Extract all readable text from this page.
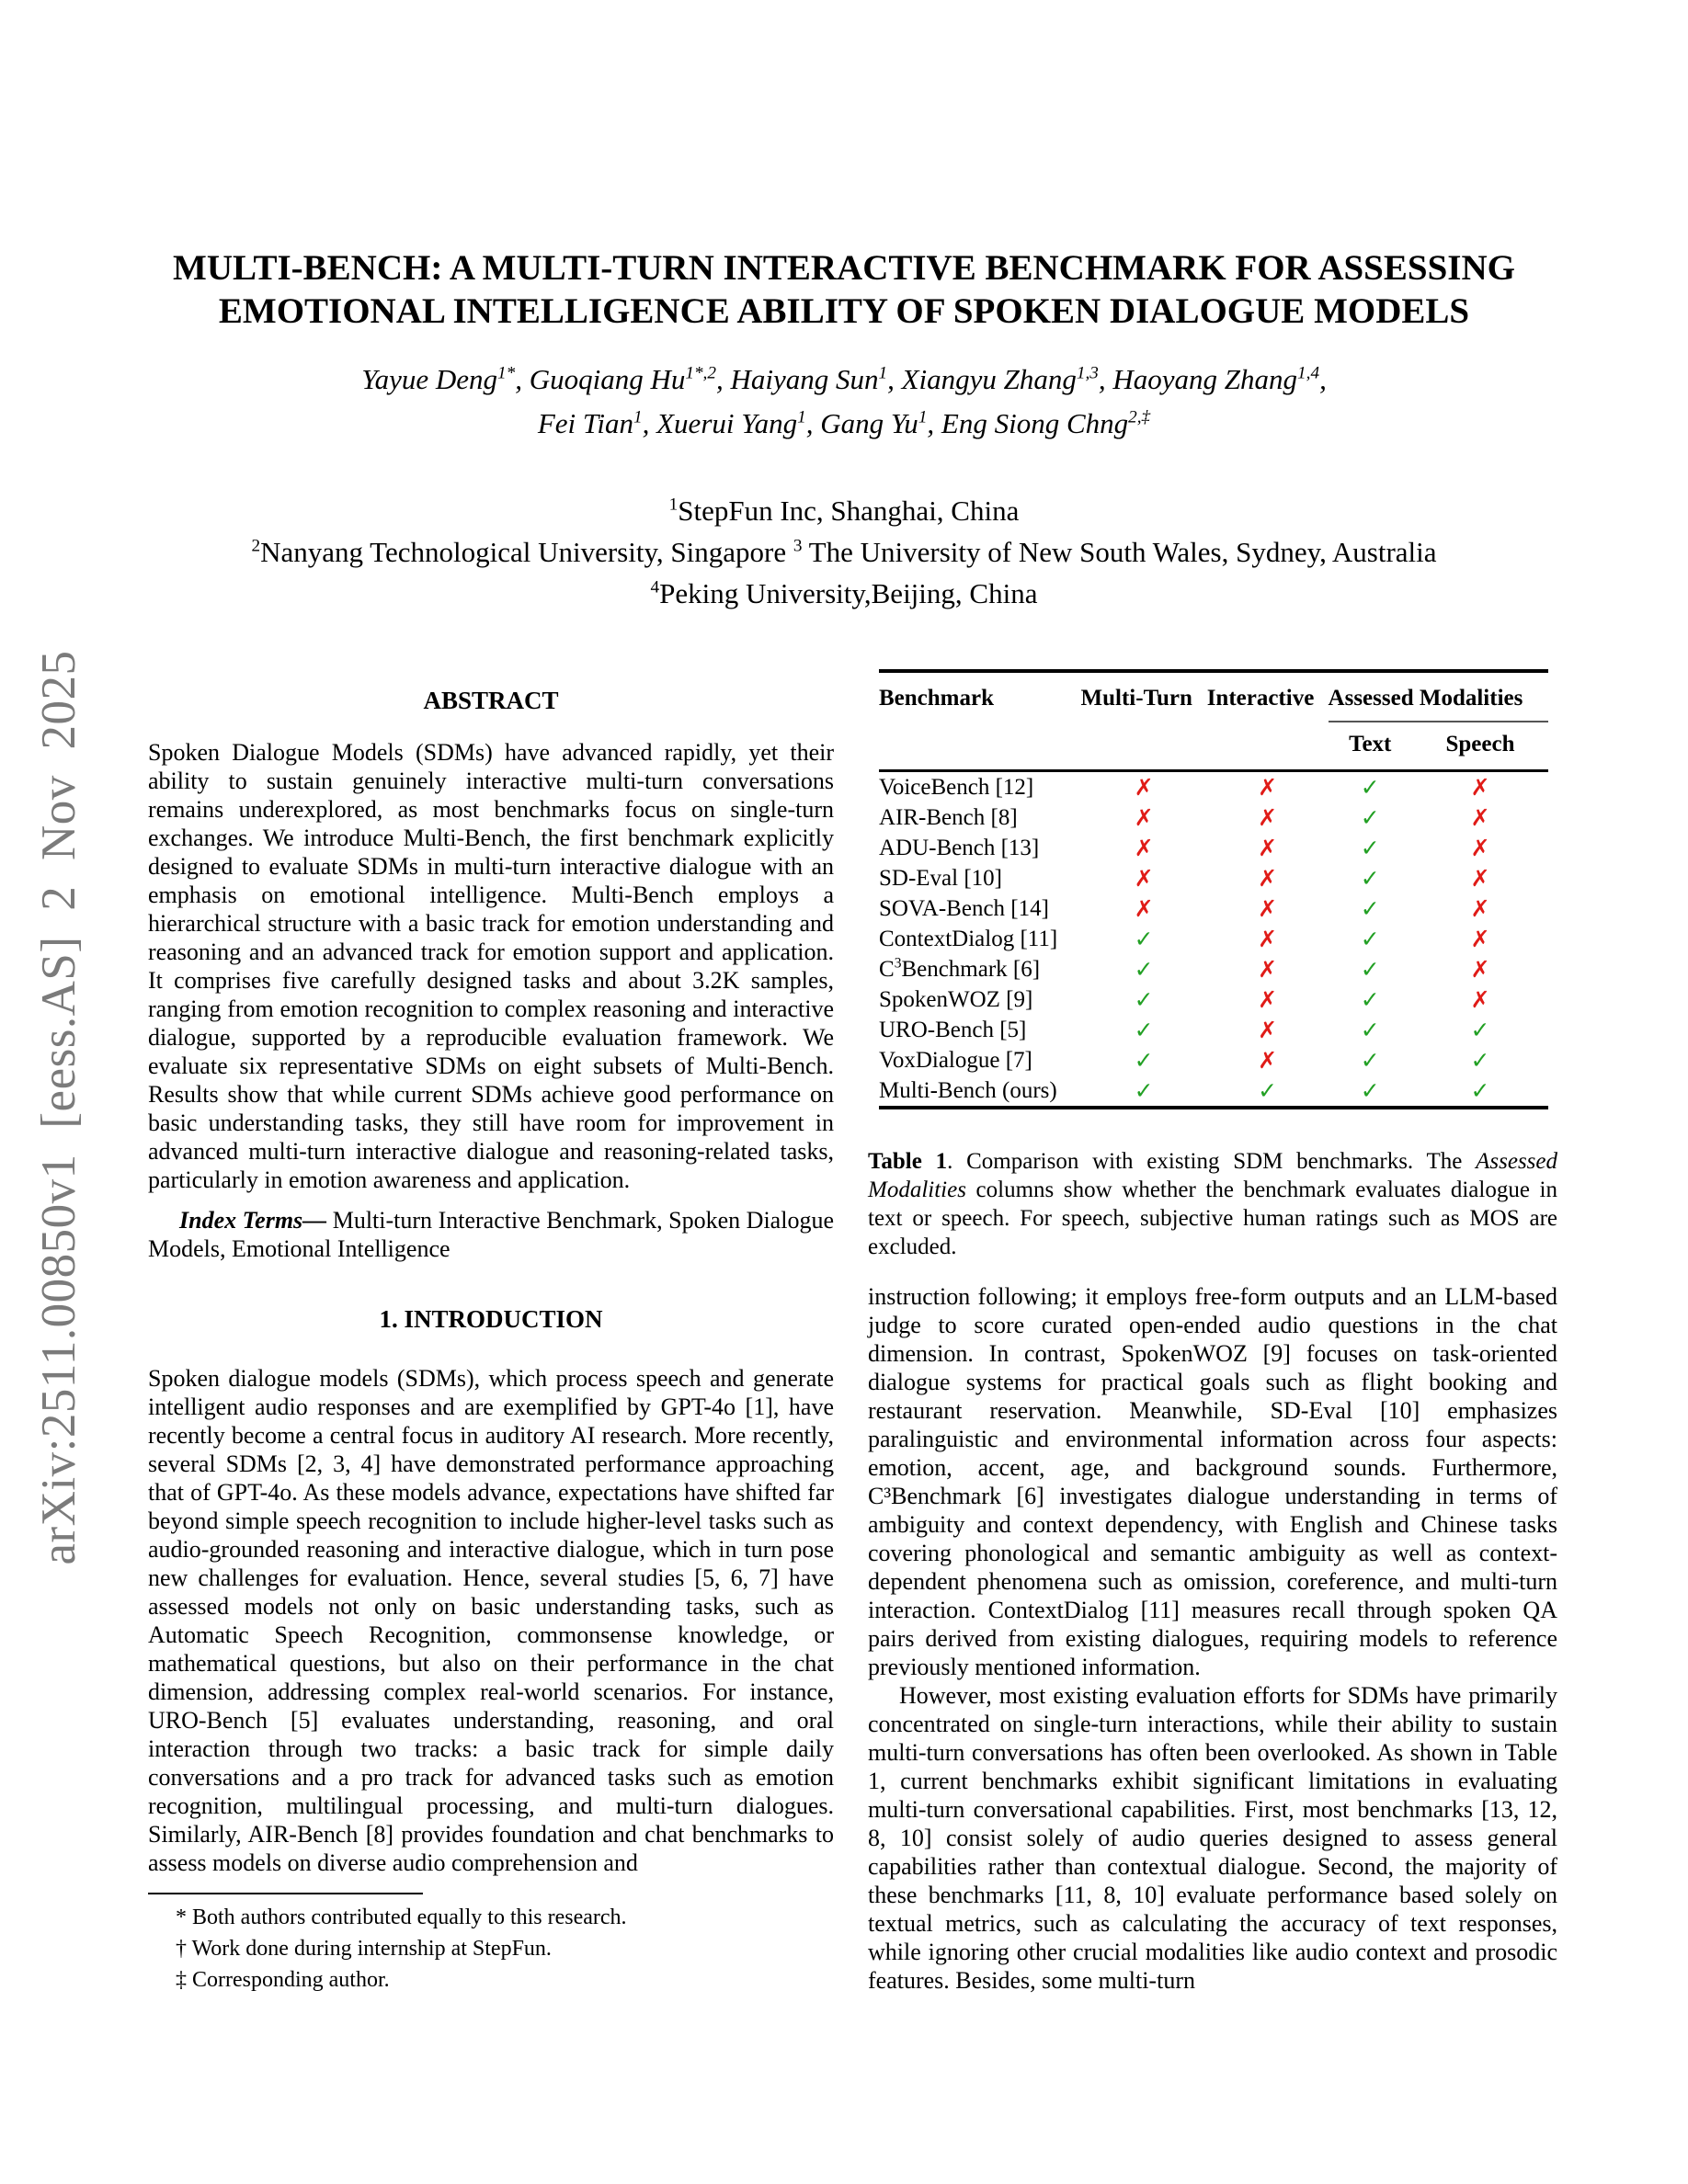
arXiv:2511.00850v1 [eess.AS] 2 Nov 2025
MULTI-BENCH: A MULTI-TURN INTERACTIVE BENCHMARK FOR ASSESSING
EMOTIONAL INTELLIGENCE ABILITY OF SPOKEN DIALOGUE MODELS
Yayue Deng$^{1*}$, Guoqiang $Hu^{1*,2}$, Haiyang Sun$^1$, Xiangyu Zhang$^{1,3}$, Haoyang Zhang$^{1,4}$,
Fei Tian$^1$, Xuerui Yang$^1$, Gang Yu$^1$, Eng Siong Chng$^{2,\ddagger}$
$^1$StepFun Inc, Shanghai, China
$^2$Nanyang Technological University, Singapore $^3$ The University of New South Wales, Sydney, Australia
$^4$Peking University,Beijing, China
ABSTRACT

Spoken Dialogue Models (SDMs) have advanced rapidly, yet their ability to sustain genuinely interactive multi-turn conversations remains underexplored, as most benchmarks focus on single-turn exchanges. We introduce Multi-Bench, the first benchmark explicitly designed to evaluate SDMs in multi-turn interactive dialogue with an emphasis on emotional intelligence. Multi-Bench employs a hierarchical structure with a basic track for emotion understanding and reasoning and an advanced track for emotion support and application. It comprises five carefully designed tasks and about 3.2K samples, ranging from emotion recognition to complex reasoning and interactive dialogue, supported by a reproducible evaluation framework. We evaluate six representative SDMs on eight subsets of Multi-Bench. Results show that while current SDMs achieve good performance on basic understanding tasks, they still have room for improvement in advanced multi-turn interactive dialogue and reasoning-related tasks, particularly in emotion awareness and application.

Index Terms— Multi-turn Interactive Benchmark, Spoken Dialogue Models, Emotional Intelligence

1. INTRODUCTION

Spoken dialogue models (SDMs), which process speech and generate intelligent audio responses and are exemplified by GPT-4o [1], have recently become a central focus in auditory AI research. More recently, several SDMs [2, 3, 4] have demonstrated performance approaching that of GPT-4o. As these models advance, expectations have shifted far beyond simple speech recognition to include higher-level tasks such as audio-grounded reasoning and interactive dialogue, which in turn pose new challenges for evaluation. Hence, several studies [5, 6, 7] have assessed models not only on basic understanding tasks, such as Automatic Speech Recognition, commonsense knowledge, or mathematical questions, but also on their performance in the chat dimension, addressing complex real-world scenarios. For instance, URO-Bench [5] evaluates understanding, reasoning, and oral interaction through two tracks: a basic track for simple daily conversations and a pro track for advanced tasks such as emotion recognition, multilingual processing, and multi-turn dialogues. Similarly, AIR-Bench [8] provides foundation and chat benchmarks to assess models on diverse audio comprehension and

* Both authors contributed equally to this research.
† Work done during internship at StepFun.
‡ Corresponding author.
Benchmark	Multi-Turn	Interactive	Assessed Modalities	
			Text	Speech
VoiceBench [12]	✗	✗	✓	✗
AIR-Bench [8]	✗	✗	✓	✗
ADU-Bench [13]	✗	✗	✓	✗
SD-Eval [10]	✗	✗	✓	✗
SOVA-Bench [14]	✗	✗	✓	✗
ContextDialog [11]	✓	✗	✓	✗
$C^3Benchmark$ [6]	✓	✗	✓	✗
SpokenWOZ [9]	✓	✗	✓	✗
URO-Bench [5]	✓	✗	✓	✓
VoxDialogue [7]	✓	✗	✓	✓
Multi-Bench (ours)	✓	✓	✓	✓

Table 1. Comparison with existing SDM benchmarks. The Assessed Modalities columns show whether the benchmark evaluates dialogue in text or speech. For speech, subjective human ratings such as MOS are excluded.

instruction following; it employs free-form outputs and an LLM-based judge to score curated open-ended audio questions in the chat dimension. In contrast, SpokenWOZ [9] focuses on task-oriented dialogue systems for practical goals such as flight booking and restaurant reservation. Meanwhile, SD-Eval [10] emphasizes paralinguistic and environmental information across four aspects: emotion, accent, age, and background sounds. Furthermore, C³Benchmark [6] investigates dialogue understanding in terms of ambiguity and context dependency, with English and Chinese tasks covering phonological and semantic ambiguity as well as context-dependent phenomena such as omission, coreference, and multi-turn interaction. ContextDialog [11] measures recall through spoken QA pairs derived from existing dialogues, requiring models to reference previously mentioned information.

However, most existing evaluation efforts for SDMs have primarily concentrated on single-turn interactions, while their ability to sustain multi-turn conversations has often been overlooked. As shown in Table 1, current benchmarks exhibit significant limitations in evaluating multi-turn conversational capabilities. First, most benchmarks [13, 12, 8, 10] consist solely of audio queries designed to assess general capabilities rather than contextual dialogue. Second, the majority of these benchmarks [11, 8, 10] evaluate performance based solely on textual metrics, such as calculating the accuracy of text responses, while ignoring other crucial modalities like audio context and prosodic features. Besides, some multi-turn
